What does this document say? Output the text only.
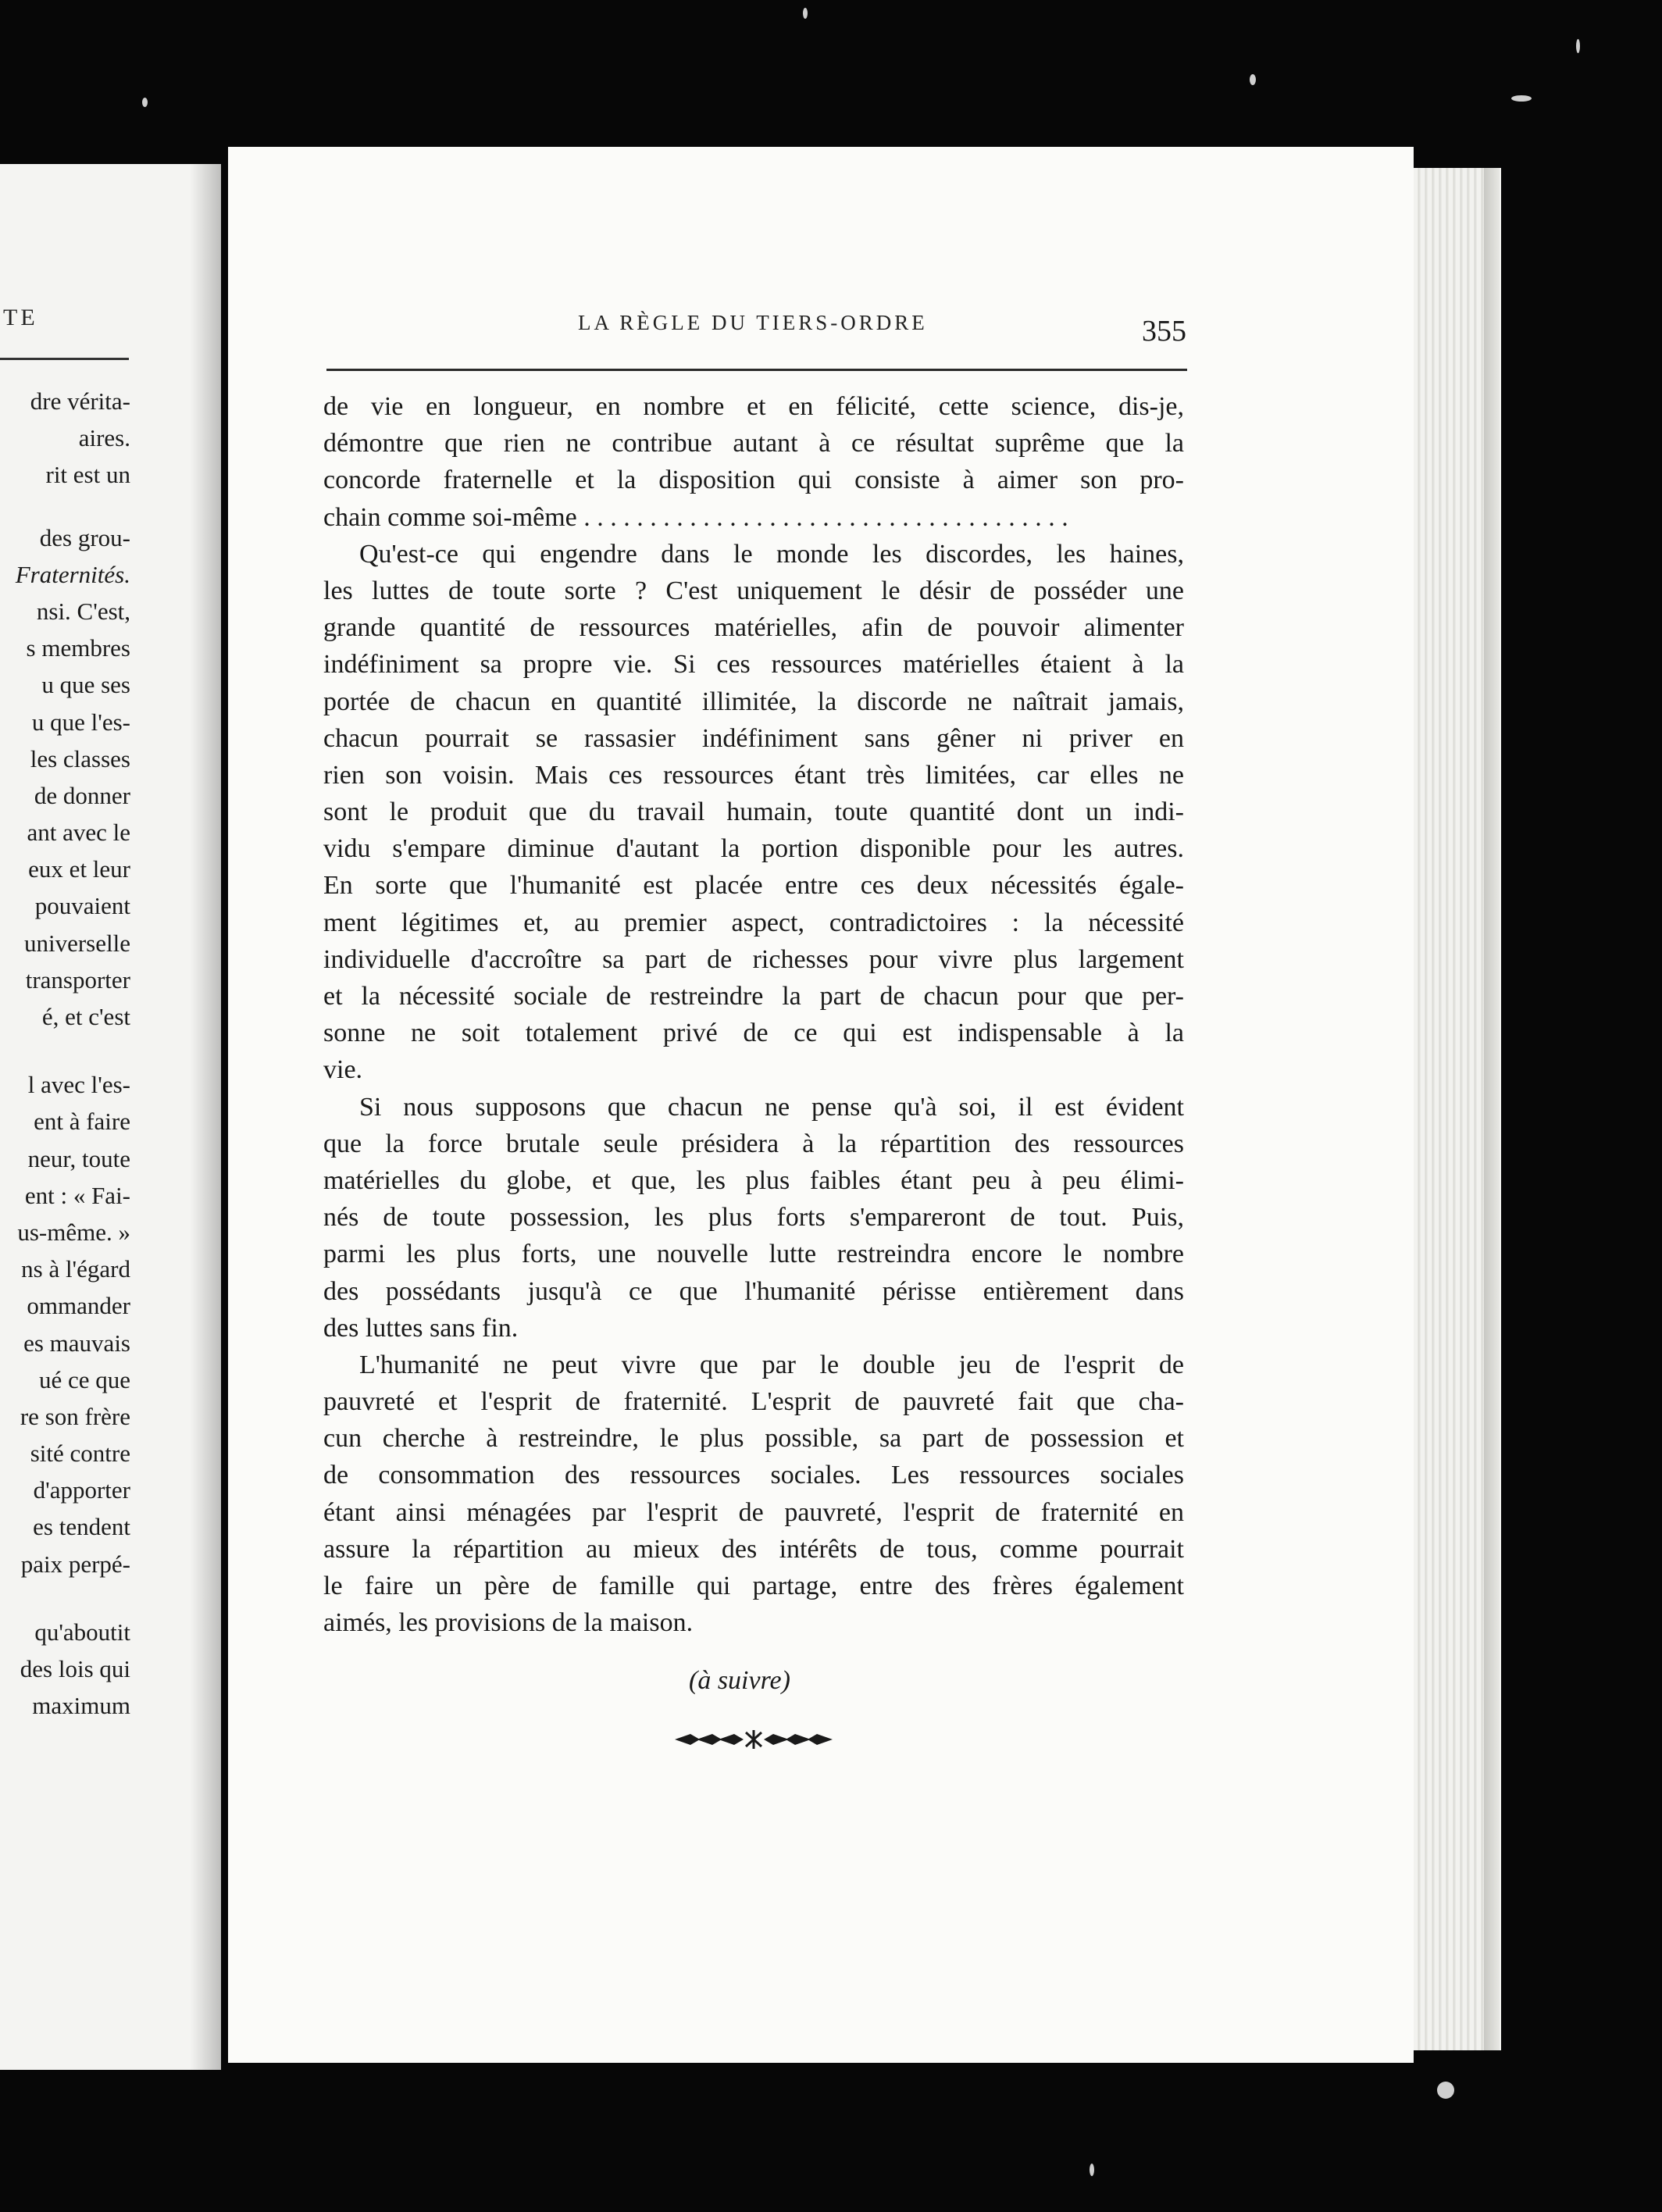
TE
dre vérita-
aires.
rit est un
des grou-
Fraternités.
nsi. C'est,
s membres
u que ses
u que l'es-
les classes
de donner
ant avec le
eux et leur
pouvaient
universelle
transporter
é, et c'est
l avec l'es-
ent à faire
neur, toute
ent : « Fai-
us-même. »
ns à l'égard
ommander
es mauvais
ué ce que
re son frère
sité contre
d'apporter
es tendent
paix perpé-
qu'aboutit
des lois qui
maximum
LA RÈGLE DU TIERS-ORDRE	355
de vie en longueur, en nombre et en félicité, cette science, dis-je,
démontre que rien ne contribue autant à ce résultat suprême que la
concorde fraternelle et la disposition qui consiste à aimer son pro-
chain comme soi-même . . . . . . . . . . . . . . . . . . . . . . . . . . . . . . . . . . . . .
Qu'est-ce qui engendre dans le monde les discordes, les haines,
les luttes de toute sorte ? C'est uniquement le désir de posséder une
grande quantité de ressources matérielles, afin de pouvoir alimenter
indéfiniment sa propre vie. Si ces ressources matérielles étaient à la
portée de chacun en quantité illimitée, la discorde ne naîtrait jamais,
chacun pourrait se rassasier indéfiniment sans gêner ni priver en
rien son voisin. Mais ces ressources étant très limitées, car elles ne
sont le produit que du travail humain, toute quantité dont un indi-
vidu s'empare diminue d'autant la portion disponible pour les autres.
En sorte que l'humanité est placée entre ces deux nécessités égale-
ment légitimes et, au premier aspect, contradictoires : la nécessité
individuelle d'accroître sa part de richesses pour vivre plus largement
et la nécessité sociale de restreindre la part de chacun pour que per-
sonne ne soit totalement privé de ce qui est indispensable à la
vie.
Si nous supposons que chacun ne pense qu'à soi, il est évident
que la force brutale seule présidera à la répartition des ressources
matérielles du globe, et que, les plus faibles étant peu à peu élimi-
nés de toute possession, les plus forts s'empareront de tout. Puis,
parmi les plus forts, une nouvelle lutte restreindra encore le nombre
des possédants jusqu'à ce que l'humanité périsse entièrement dans
des luttes sans fin.
L'humanité ne peut vivre que par le double jeu de l'esprit de
pauvreté et l'esprit de fraternité. L'esprit de pauvreté fait que cha-
cun cherche à restreindre, le plus possible, sa part de possession et
de consommation des ressources sociales. Les ressources sociales
étant ainsi ménagées par l'esprit de pauvreté, l'esprit de fraternité en
assure la répartition au mieux des intérêts de tous, comme pourrait
le faire un père de famille qui partage, entre des frères également
aimés, les provisions de la maison.
(à suivre)
